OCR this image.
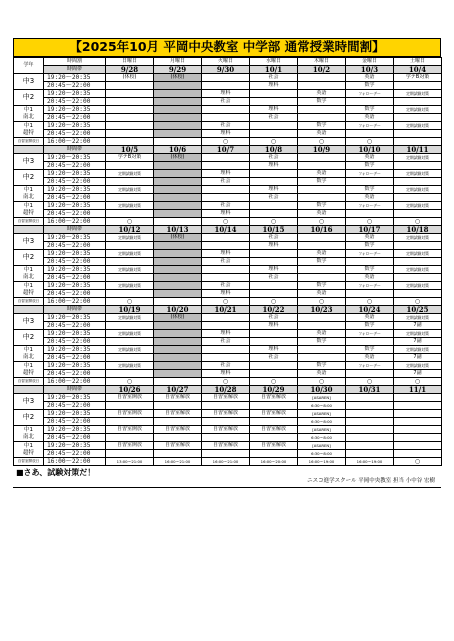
【2025年10月 平岡中央教室 中学部 通常授業時間割】
学年	時間割	日曜日	月曜日	火曜日	水曜日	木曜日	金曜日	土曜日
	時間帯	9/28	9/29	9/30	10/1	10/2	10/3	10/4
中3	19:20～20:35	(休校)	(休校)		社会		英語	学テB対策
	20:45～22:00				理科		数学	
中2	19:20～20:35			理科		英語	フォローデー	定期試験対策
	20:45～22:00			社会		数学		

中1
南北	19:20～20:35				理科		数学	定期試験対策
	20:45～22:00				社会		英語	

中1
超特	19:20～20:35			社会		数学	フォローデー	定期試験対策
	20:45～22:00			理科		英語		
自習室開放日	16:00～22:00			○	○	○	○	
	時間帯	10/5	10/6	10/7	10/8	10/9	10/10	10/11
中3	19:20～20:35	学テB対策	(休校)		社会		英語	定期試験対策
	20:45～22:00				理科		数学	
中2	19:20～20:35	定期試験対策		理科		英語	フォローデー	定期試験対策
	20:45～22:00			社会		数学		

中1
南北	19:20～20:35	定期試験対策			理科		数学	定期試験対策
	20:45～22:00				社会		英語	

中1
超特	19:20～20:35	定期試験対策		社会		数学	フォローデー	定期試験対策
	20:45～22:00			理科		英語		
自習室開放日	16:00～22:00	○		○	○	○	○	○
	時間帯	10/12	10/13	10/14	10/15	10/16	10/17	10/18
中3	19:20～20:35	定期試験対策	(休校)		社会		英語	定期試験対策
	20:45～22:00				理科		数学	
中2	19:20～20:35	定期試験対策		理科		英語	フォローデー	定期試験対策
	20:45～22:00			社会		数学		

中1
南北	19:20～20:35	定期試験対策			理科		数学	定期試験対策
	20:45～22:00				社会		英語	

中1
超特	19:20～20:35	定期試験対策		社会		数学	フォローデー	定期試験対策
	20:45～22:00			理科		英語		
自習室開放日	16:00～22:00	○		○	○	○	○	○
	時間帯	10/19	10/20	10/21	10/22	10/23	10/24	10/25
中3	19:20～20:35	定期試験対策	(休校)		社会		英語	定期試験対策
	20:45～22:00				理科		数学	7副
中2	19:20～20:35	定期試験対策		理科		英語	フォローデー	定期試験対策
	20:45～22:00			社会		数学		7副

中1
南北	19:20～20:35	定期試験対策			理科		数学	定期試験対策
	20:45～22:00				社会		英語	7副

中1
超特	19:20～20:35	定期試験対策		社会		数学	フォローデー	定期試験対策
	20:45～22:00			理科		英語		7副
自習室開放日	16:00～22:00	○		○	○	○	○	○
	時間帯	10/26	10/27	10/28	10/29	10/30	10/31	11/1
中3	19:20～20:35	自習室開放	自習室解放	自習室解放	自習室解放	[ASAREN]		
	20:45～22:00					6:30～8:00		
中2	19:20～20:35	自習室開放	自習室解放	自習室解放	自習室解放	[ASAREN]		
	20:45～22:00					6:30～8:00		

中1
南北	19:20～20:35	自習室開放	自習室解放	自習室解放	自習室解放	[ASAREN]		
	20:45～22:00					6:30～8:00		

中1
超特	19:20～20:35	自習室開放	自習室解放	自習室解放	自習室解放	[ASAREN]		
	20:45～22:00					6:30～8:00		
自習室開放日	16:00～22:00	13:00～21:00	16:00～21:00	16:00～21:00	16:00～20:00	16:00～19:00	16:00～19:00	○
■さあ、試験対策だ！
ニスコ進学スクール 平岡中央教室 担当 小中谷 宏樹
